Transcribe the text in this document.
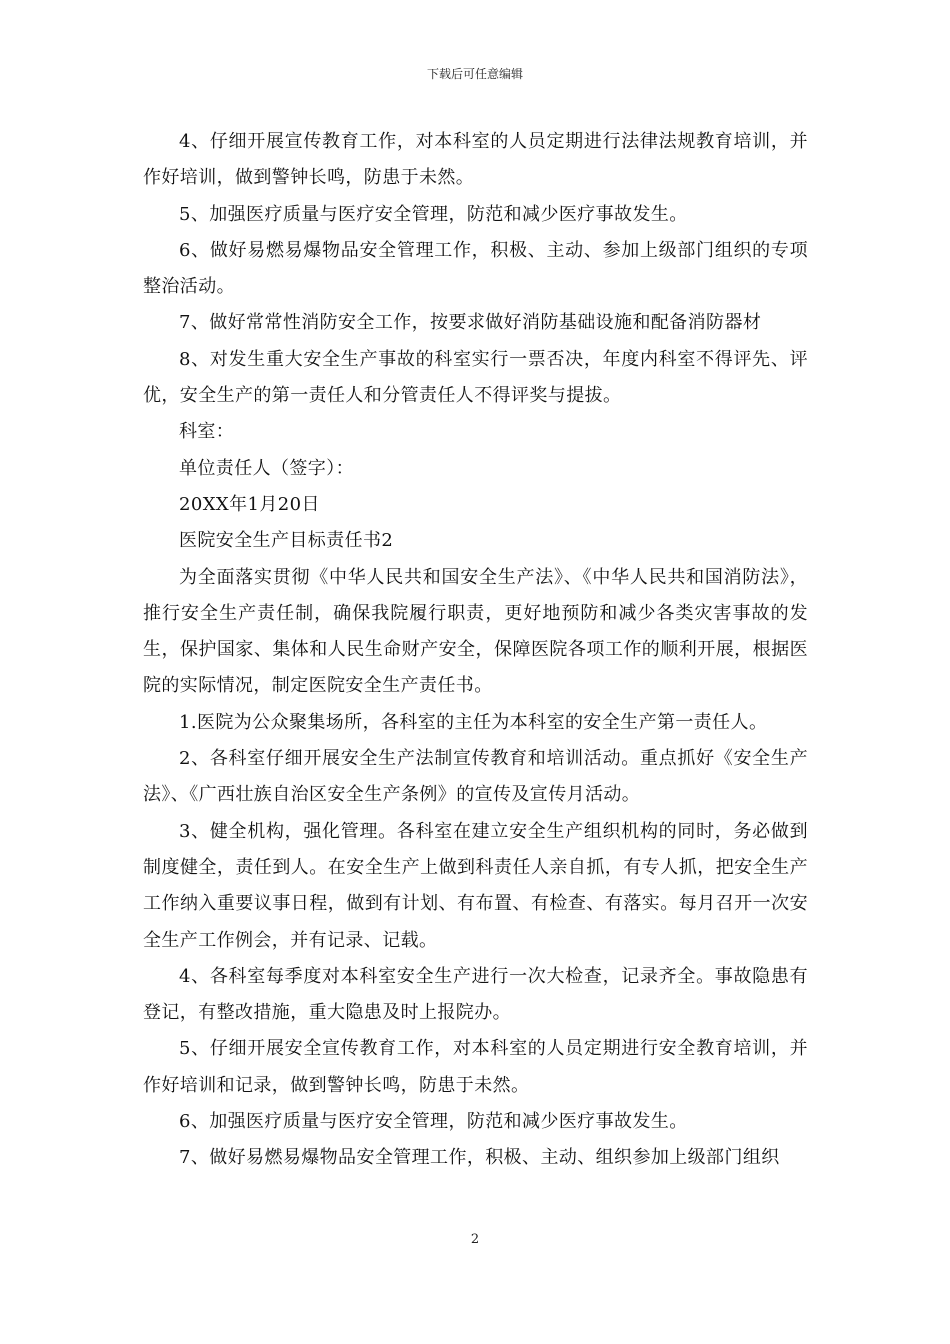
下载后可任意编辑

4、仔细开展宣传教育工作，对本科室的人员定期进行法律法规教育培训，并作好培训，做到警钟长鸣，防患于未然。

5、加强医疗质量与医疗安全管理，防范和减少医疗事故发生。

6、做好易燃易爆物品安全管理工作，积极、主动、参加上级部门组织的专项整治活动。

7、做好常常性消防安全工作，按要求做好消防基础设施和配备消防器材

8、对发生重大安全生产事故的科室实行一票否决，年度内科室不得评先、评优，安全生产的第一责任人和分管责任人不得评奖与提拔。

科室：

单位责任人（签字）：

20XX年1月20日

医院安全生产目标责任书2

为全面落实贯彻《中华人民共和国安全生产法》、《中华人民共和国消防法》，推行安全生产责任制，确保我院履行职责，更好地预防和减少各类灾害事故的发生，保护国家、集体和人民生命财产安全，保障医院各项工作的顺利开展，根据医院的实际情况，制定医院安全生产责任书。

1.医院为公众聚集场所，各科室的主任为本科室的安全生产第一责任人。

2、各科室仔细开展安全生产法制宣传教育和培训活动。重点抓好《安全生产法》、《广西壮族自治区安全生产条例》的宣传及宣传月活动。

3、健全机构，强化管理。各科室在建立安全生产组织机构的同时，务必做到制度健全，责任到人。在安全生产上做到科责任人亲自抓，有专人抓，把安全生产工作纳入重要议事日程，做到有计划、有布置、有检查、有落实。每月召开一次安全生产工作例会，并有记录、记载。

4、各科室每季度对本科室安全生产进行一次大检查，记录齐全。事故隐患有登记，有整改措施，重大隐患及时上报院办。

5、仔细开展安全宣传教育工作，对本科室的人员定期进行安全教育培训，并作好培训和记录，做到警钟长鸣，防患于未然。

6、加强医疗质量与医疗安全管理，防范和减少医疗事故发生。

7、做好易燃易爆物品安全管理工作，积极、主动、组织参加上级部门组织

2
